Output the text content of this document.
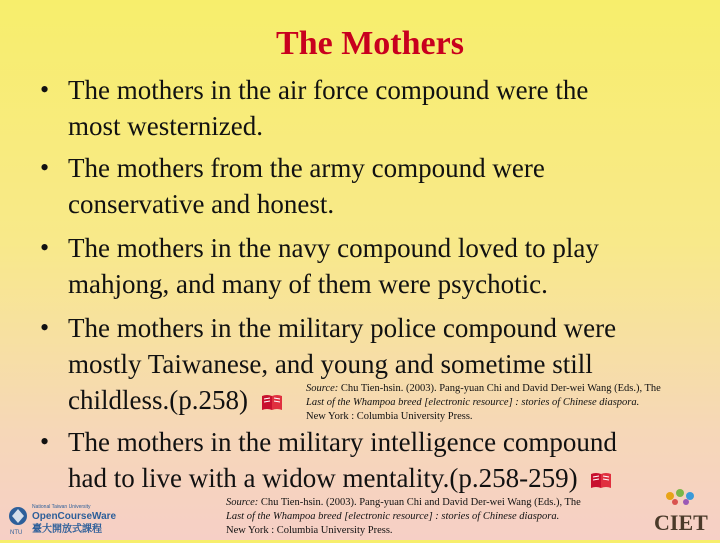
The Mothers
• The mothers in the air force compound were the
most westernized.
• The mothers from the army compound were
conservative and honest.
• The mothers in the navy compound loved to play
mahjong, and many of them were psychotic.
• The mothers in the military police compound were
mostly Taiwanese, and young and sometime still
childless.(p.258)
• The mothers in the military intelligence compound
had to live with a widow mentality.(p.258-259)
Source: Chu Tien-hsin. (2003). Pang-yuan Chi and David Der-wei Wang (Eds.), The
Last of the Whampoa breed [electronic resource] : stories of Chinese diaspora.
New York : Columbia University Press.
Source: Chu Tien-hsin. (2003). Pang-yuan Chi and David Der-wei Wang (Eds.), The
Last of the Whampoa breed [electronic resource] : stories of Chinese diaspora.
New York : Columbia University Press.
NTU
National Taiwan University
OpenCourseWare
臺大開放式課程	CIET
